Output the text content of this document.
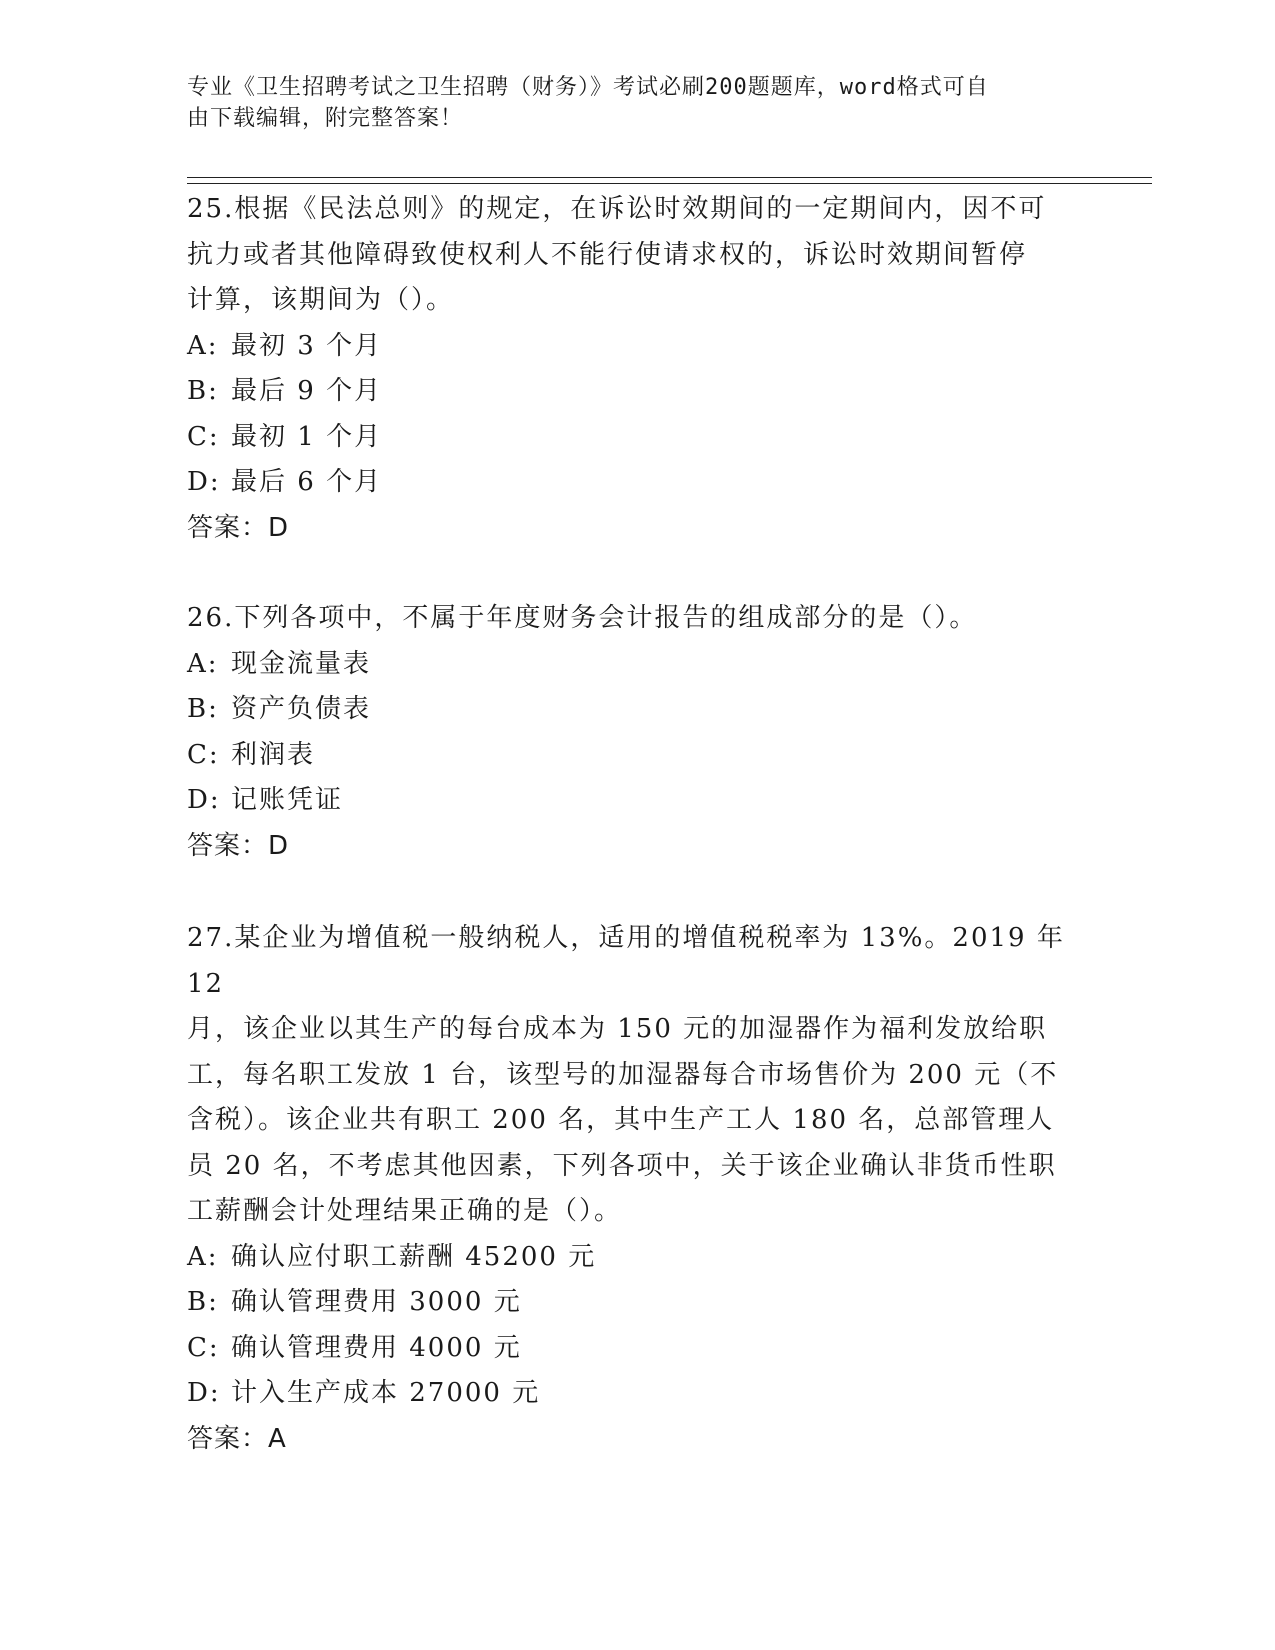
专业《卫生招聘考试之卫生招聘（财务）》考试必刷200题题库，word格式可自
由下载编辑，附完整答案！

25.根据《民法总则》的规定，在诉讼时效期间的一定期间内，因不可

抗力或者其他障碍致使权利人不能行使请求权的，诉讼时效期间暂停

计算，该期间为（）。

A: 最初 3 个月

B: 最后 9 个月

C: 最初 1 个月

D: 最后 6 个月

答案：D

26.下列各项中，不属于年度财务会计报告的组成部分的是（）。

A: 现金流量表

B: 资产负债表

C: 利润表

D: 记账凭证

答案：D

27.某企业为增值税一般纳税人，适用的增值税税率为 13%。2019 年 12

月，该企业以其生产的每台成本为 150 元的加湿器作为福利发放给职

工，每名职工发放 1 台，该型号的加湿器每合市场售价为 200 元（不

含税）。该企业共有职工 200 名，其中生产工人 180 名，总部管理人

员 20 名，不考虑其他因素，下列各项中，关于该企业确认非货币性职

工薪酬会计处理结果正确的是（）。

A: 确认应付职工薪酬 45200 元

B: 确认管理费用 3000 元

C: 确认管理费用 4000 元

D: 计入生产成本 27000 元

答案：A
